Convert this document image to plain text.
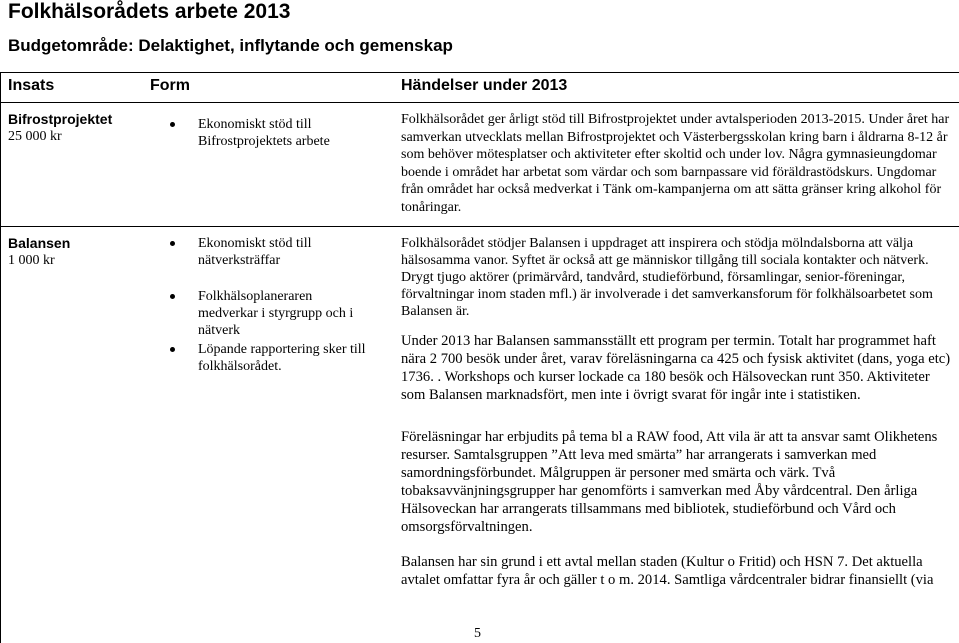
Folkhälsorådets arbete 2013
Budgetområde: Delaktighet, inflytande och gemenskap
Insats	Form	Händelser under 2013
Bifrostprojektet
25 000 kr
Ekonomiskt stöd till Bifrostprojektets arbete
Folkhälsorådet ger årligt stöd till Bifrostprojektet under avtalsperioden 2013-2015. Under året har samverkan utvecklats mellan Bifrostprojektet och Västerbergsskolan kring barn i åldrarna 8-12 år som behöver mötesplatser och aktiviteter efter skoltid och under lov. Några gymnasieungdomar boende i området har arbetat som värdar och som barnpassare vid föräldrastödskurs. Ungdomar från området har också medverkat i Tänk om-kampanjerna om att sätta gränser kring alkohol för tonåringar.
Balansen
1 000 kr
Ekonomiskt stöd till nätverksträffar
Folkhälsoplaneraren medverkar i styrgrupp och i nätverk
Löpande rapportering sker till folkhälsorådet.
Folkhälsorådet stödjer Balansen i uppdraget att inspirera och stödja mölndalsborna att välja hälsosamma vanor. Syftet är också att ge människor tillgång till sociala kontakter och nätverk. Drygt tjugo aktörer (primärvård, tandvård, studieförbund, församlingar, senior-föreningar, förvaltningar inom staden mfl.) är involverade i det samverkansforum för folkhälsoarbetet som Balansen är.
Under 2013 har Balansen sammansställt ett program per termin. Totalt har programmet haft nära 2 700 besök under året, varav föreläsningarna ca 425 och fysisk aktivitet (dans, yoga etc) 1736. . Workshops och kurser lockade ca 180 besök och Hälsoveckan runt 350. Aktiviteter som Balansen marknadsfört, men inte i övrigt svarat för ingår inte i statistiken.
Föreläsningar har erbjudits på tema bl a RAW food, Att vila är att ta ansvar samt Olikhetens resurser. Samtalsgruppen ”Att leva med smärta” har arrangerats i samverkan med samordningsförbundet. Målgruppen är personer med smärta och värk. Två tobaksavvänjningsgrupper har genomförts i samverkan med Åby vårdcentral. Den årliga Hälsoveckan har arrangerats tillsammans med bibliotek, studieförbund och Vård och omsorgsförvaltningen.
Balansen har sin grund i ett avtal mellan staden (Kultur o Fritid) och HSN 7. Det aktuella avtalet omfattar fyra år och gäller t o m. 2014. Samtliga vårdcentraler bidrar finansiellt (via
5
